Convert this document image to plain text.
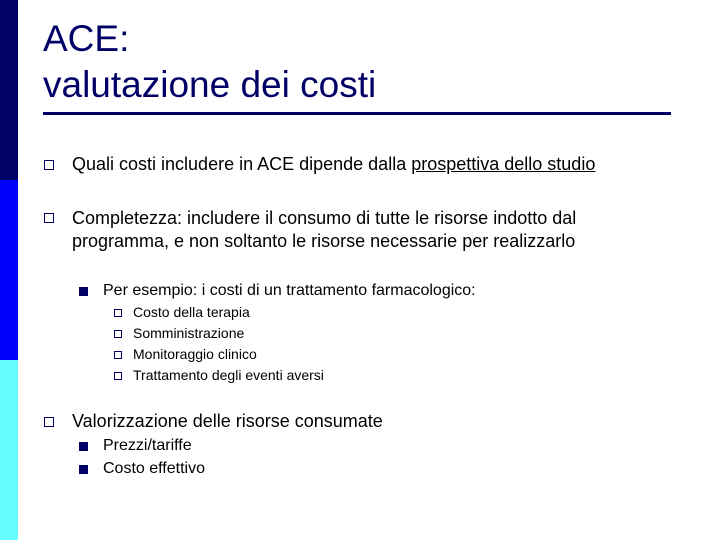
ACE:
valutazione dei costi
Quali costi includere in ACE dipende dalla prospettiva dello studio
Completezza: includere il consumo di tutte le risorse indotto dal
programma, e non soltanto le risorse necessarie per realizzarlo
Per esempio: i costi di un trattamento farmacologico:
Costo della terapia
Somministrazione
Monitoraggio clinico
Trattamento degli eventi aversi
Valorizzazione delle risorse consumate
Prezzi/tariffe
Costo effettivo
